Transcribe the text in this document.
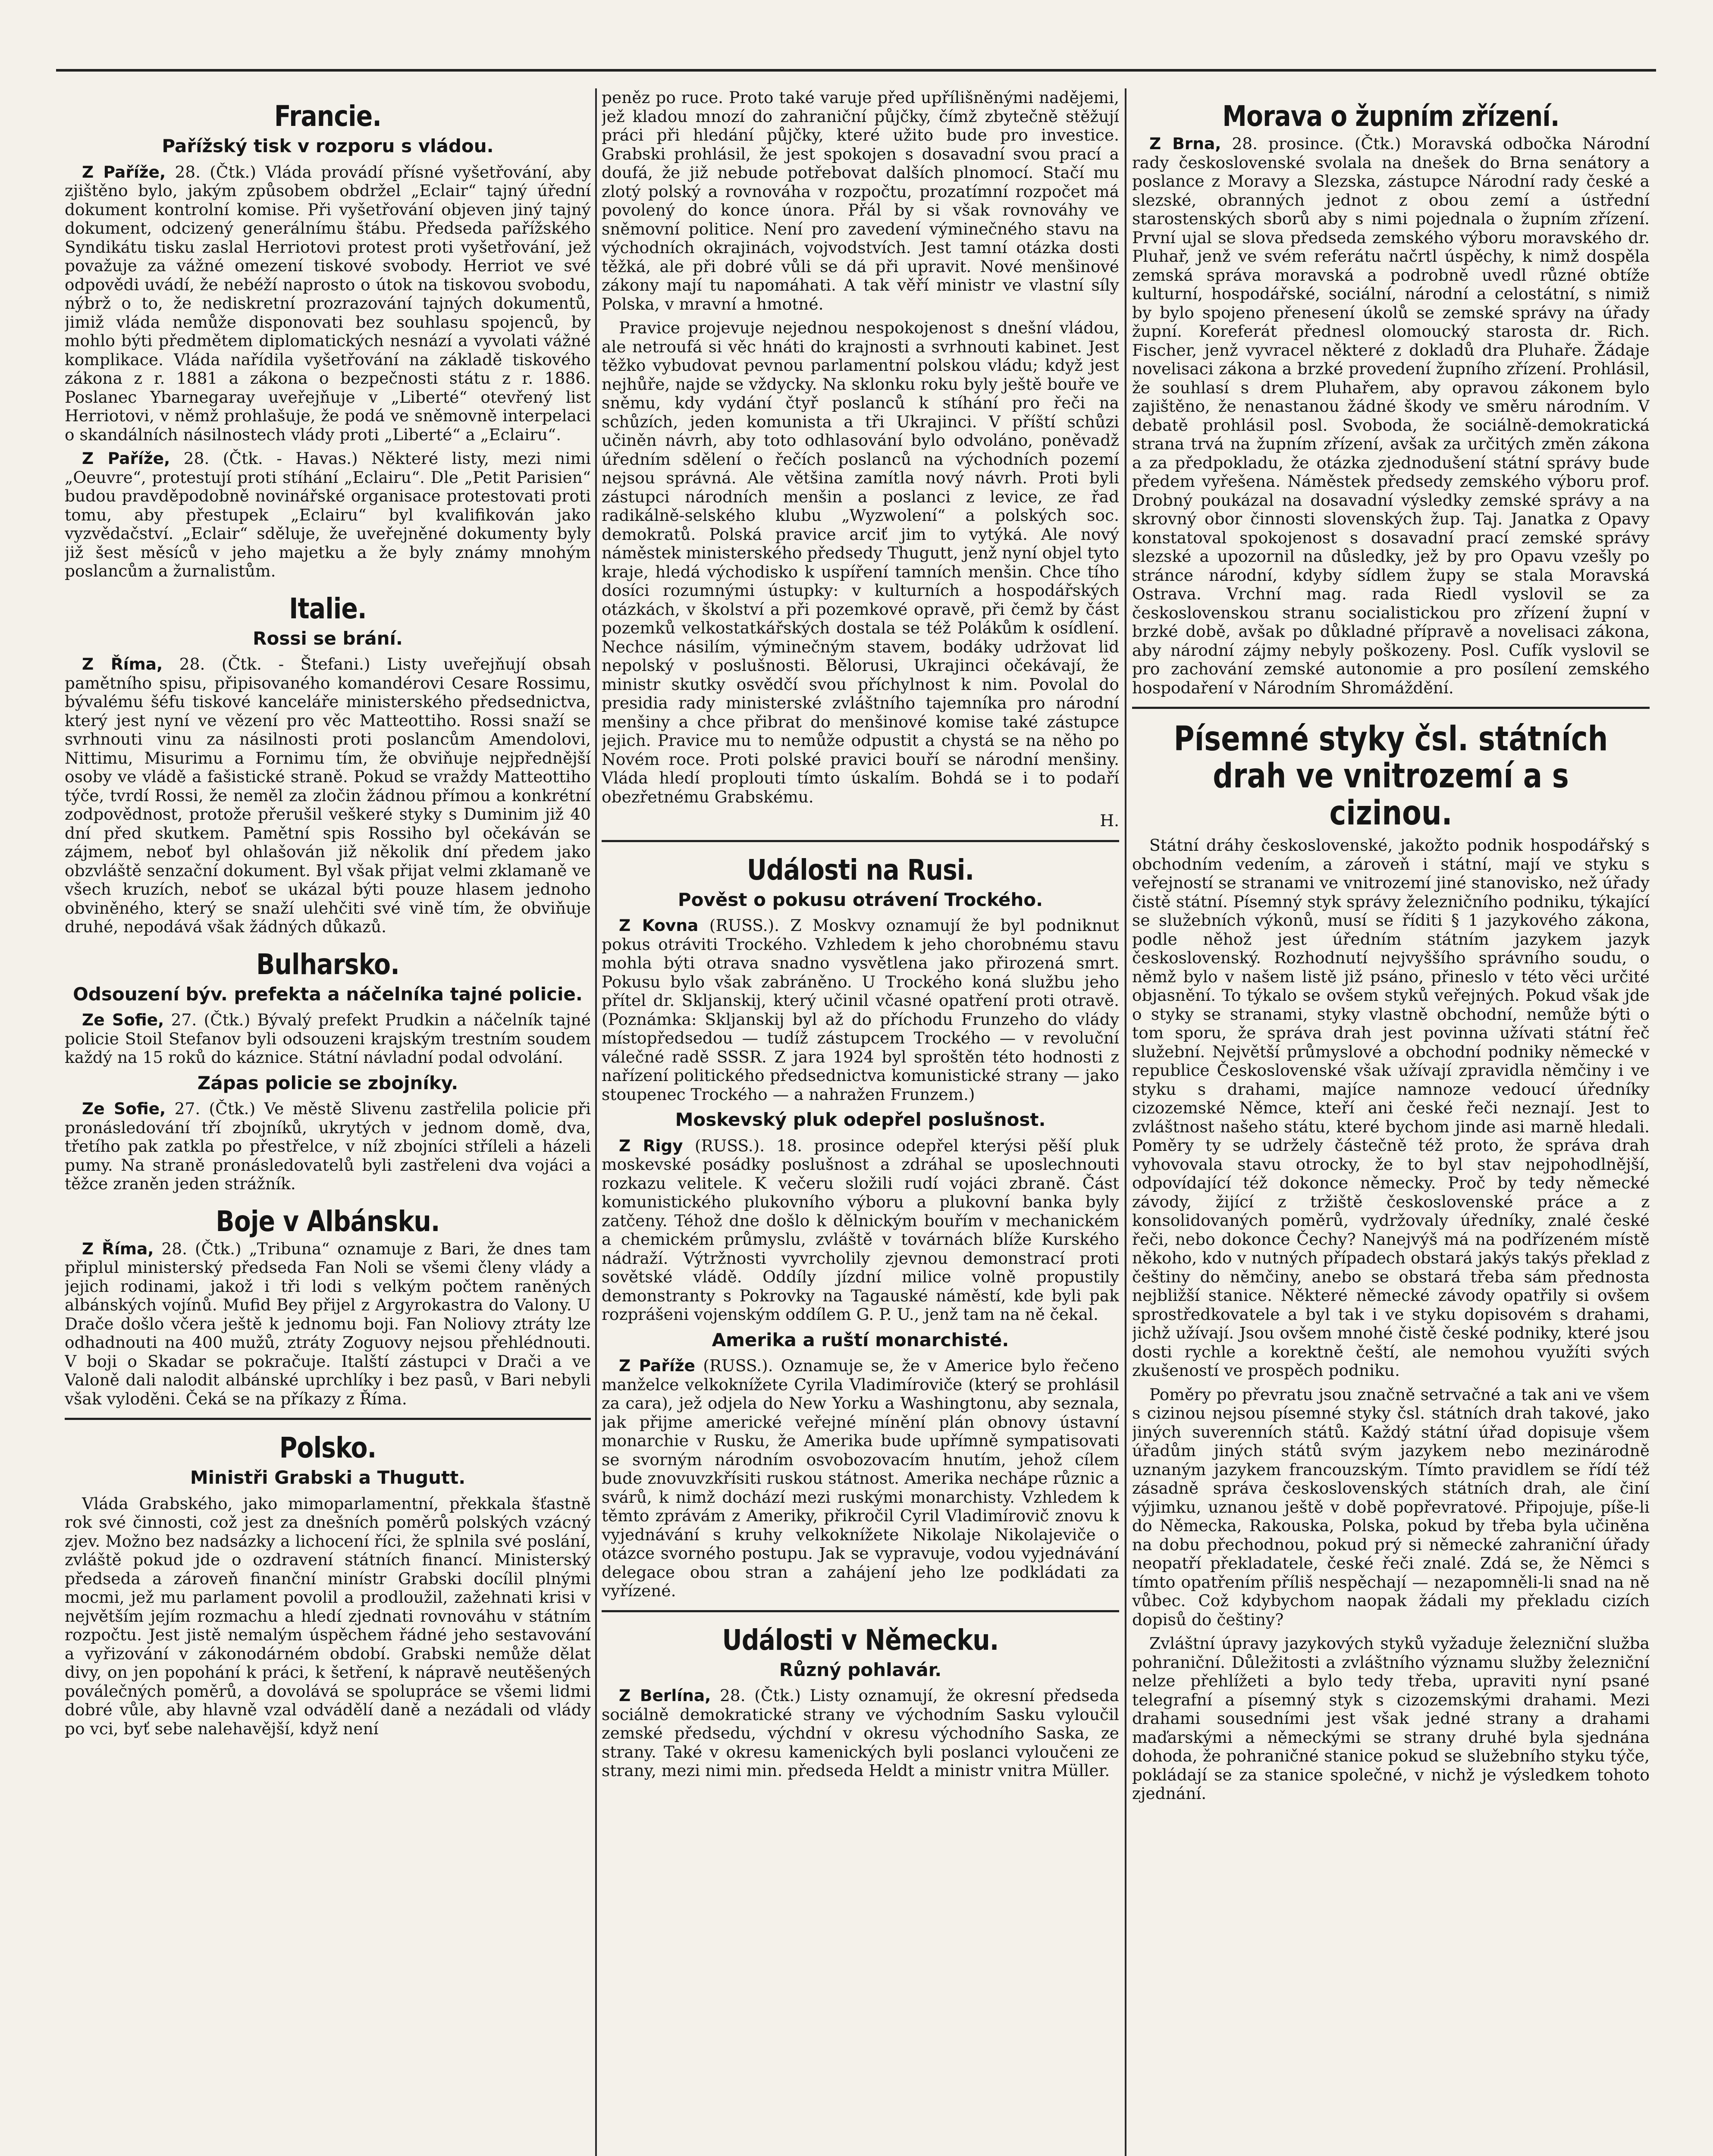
Francie.
Pařížský tisk v rozporu s vládou.

Z Paříže, 28. (Čtk.) Vláda provádí přísné vyšetřování, aby zjištěno bylo, jakým způsobem obdržel „Eclair“ tajný úřední dokument kontrolní komise. Při vyšetřování objeven jiný tajný dokument, odcizený generálnímu štábu. Předseda pařížského Syndikátu tisku zaslal Herriotovi protest proti vyšetřování, jež považuje za vážné omezení tiskové svobody. Herriot ve své odpovědi uvádí, že nebéží naprosto o útok na tiskovou svobodu, nýbrž o to, že nediskretní prozrazování tajných dokumentů, jimiž vláda nemůže disponovati bez souhlasu spojenců, by mohlo býti předmětem diplomatických nesnází a vyvolati vážné komplikace. Vláda nařídila vyšetřování na základě tiskového zákona z r. 1881 a zákona o bezpečnosti státu z r. 1886. Poslanec Ybarnegaray uveřejňuje v „Liberté“ otevřený list Herriotovi, v němž prohlašuje, že podá ve sněmovně interpelaci o skandálních násilnostech vlády proti „Liberté“ a „Eclairu“.

Z Paříže, 28. (Čtk. - Havas.) Některé listy, mezi nimi „Oeuvre“, protestují proti stíhání „Eclairu“. Dle „Petit Parisien“ budou pravděpodobně novinářské organisace protestovati proti tomu, aby přestupek „Eclairu“ byl kvalifikován jako vyzvědačství. „Eclair“ sděluje, že uveřejněné dokumenty byly již šest měsíců v jeho majetku a že byly známy mnohým poslancům a žurnalistům.

Italie.
Rossi se brání.

Z Říma, 28. (Čtk. - Štefani.) Listy uveřejňují obsah pamětního spisu, připisovaného komandérovi Cesare Rossimu, bývalému šéfu tiskové kanceláře ministerského předsednictva, který jest nyní ve vězení pro věc Matteottiho. Rossi snaží se svrhnouti vinu za násilnosti proti poslancům Amendolovi, Nittimu, Misurimu a Fornimu tím, že obviňuje nejpřednější osoby ve vládě a fašistické straně. Pokud se vraždy Matteottiho týče, tvrdí Rossi, že neměl za zločin žádnou přímou a konkrétní zodpovědnost, protože přerušil veškeré styky s Duminim již 40 dní před skutkem. Pamětní spis Rossiho byl očekáván se zájmem, neboť byl ohlašován již několik dní předem jako obzvláště senzační dokument. Byl však přijat velmi zklamaně ve všech kruzích, neboť se ukázal býti pouze hlasem jednoho obviněného, který se snaží ulehčiti své vině tím, že obviňuje druhé, nepodává však žádných důkazů.

Bulharsko.
Odsouzení býv. prefekta a náčelníka tajné policie.

Ze Sofie, 27. (Čtk.) Bývalý prefekt Prudkin a náčelník tajné policie Stoil Stefanov byli odsouzeni krajským trestním soudem každý na 15 roků do káznice. Státní návladní podal odvolání.

Zápas policie se zbojníky.

Ze Sofie, 27. (Čtk.) Ve městě Slivenu zastřelila policie při pronásledování tří zbojníků, ukrytých v jednom domě, dva, třetího pak zatkla po přestřelce, v níž zbojníci stříleli a házeli pumy. Na straně pronásledovatelů byli zastřeleni dva vojáci a těžce zraněn jeden strážník.

Boje v Albánsku.

Z Říma, 28. (Čtk.) „Tribuna“ oznamuje z Bari, že dnes tam připlul ministerský předseda Fan Noli se všemi členy vlády a jejich rodinami, jakož i tři lodi s velkým počtem raněných albánských vojínů. Mufid Bey přijel z Argyrokastra do Valony. U Drače došlo včera ještě k jednomu boji. Fan Noliovy ztráty lze odhadnouti na 400 mužů, ztráty Zoguovy nejsou přehlédnouti. V boji o Skadar se pokračuje. Italští zástupci v Drači a ve Valoně dali nalodit albánské uprchlíky i bez pasů, v Bari nebyli však vyloděni. Čeká se na příkazy z Říma.

Polsko.
Ministři Grabski a Thugutt.

Vláda Grabského, jako mimoparlamentní, překkala šťastně rok své činnosti, což jest za dnešních poměrů polských vzácný zjev. Možno bez nadsázky a lichocení říci, že splnila své poslání, zvláště pokud jde o ozdravení státních financí. Ministerský předseda a zároveň finanční minístr Grabski docílil plnými mocmi, jež mu parlament povolil a prodloužil, zažehnati krisi v největším jejím rozmachu a hledí zjednati rovnováhu v státním rozpočtu. Jest jistě nemalým úspěchem řádné jeho sestavování a vyřizování v zákonodárném období. Grabski nemůže dělat divy, on jen popohání k práci, k šetření, k nápravě neutěšených poválečných poměrů, a dovolává se spolupráce se všemi lidmi dobré vůle, aby hlavně vzal odvádělí daně a nezádali od vlády po vci, byť sebe nalehavější, když není

peněz po ruce. Proto také varuje před upřílišněnými nadějemi, jež kladou mnozí do zahraniční půjčky, čímž zbytečně stěžují práci při hledání půjčky, které užito bude pro investice. Grabski prohlásil, že jest spokojen s dosavadní svou prací a doufá, že již nebude potřebovat dalších plnomocí. Stačí mu zlotý polský a rovnováha v rozpočtu, prozatímní rozpočet má povolený do konce února. Přál by si však rovnováhy ve sněmovní politice. Není pro zavedení výminečného stavu na východních okrajinách, vojvodstvích. Jest tamní otázka dosti těžká, ale při dobré vůli se dá při upravit. Nové menšinové zákony mají tu napomáhati. A tak věří ministr ve vlastní síly Polska, v mravní a hmotné.

Pravice projevuje nejednou nespokojenost s dnešní vládou, ale netroufá si věc hnáti do krajnosti a svrhnouti kabinet. Jest těžko vybudovat pevnou parlamentní polskou vládu; když jest nejhůře, najde se vždycky. Na sklonku roku byly ještě bouře ve sněmu, kdy vydání čtyř poslanců k stíhání pro řeči na schůzích, jeden komunista a tři Ukrajinci. V příští schůzi učiněn návrh, aby toto odhlasování bylo odvoláno, poněvadž úředním sdělení o řečích poslanců na východních pozemí nejsou správná. Ale většina zamítla nový návrh. Proti byli zástupci národních menšin a poslanci z levice, ze řad radikálně-selského klubu „Wyzwolení“ a polských soc. demokratů. Polská pravice arciť jim to vytýká. Ale nový náměstek ministerského předsedy Thugutt, jenž nyní objel tyto kraje, hledá východisko k uspíření tamních menšin. Chce tího dosíci rozumnými ústupky: v kulturních a hospodářských otázkách, v školství a při pozemkové opravě, při čemž by část pozemků velkostatkářských dostala se též Polákům k osídlení. Nechce násilím, výminečným stavem, bodáky udržovat lid nepolský v poslušnosti. Bělorusi, Ukrajinci očekávají, že ministr skutky osvědčí svou příchylnost k nim. Povolal do presidia rady ministerské zvláštního tajemníka pro národní menšiny a chce přibrat do menšinové komise také zástupce jejich. Pravice mu to nemůže odpustit a chystá se na něho po Novém roce. Proti polské pravici bouří se národní menšiny. Vláda hledí proplouti tímto úskalím. Bohdá se i to podaří obezřetnému Grabskému.

H.

Události na Rusi.
Pověst o pokusu otrávení Trockého.

Z Kovna (RUSS.). Z Moskvy oznamují že byl podniknut pokus otráviti Trockého. Vzhledem k jeho chorobnému stavu mohla býti otrava snadno vysvětlena jako přirozená smrt. Pokusu bylo však zabráněno. U Trockého koná službu jeho přítel dr. Skljanskij, který učinil včasné opatření proti otravě. (Poznámka: Skljanskij byl až do příchodu Frunzeho do vlády místopředsedou — tudíž zástupcem Trockého — v revoluční válečné radě SSSR. Z jara 1924 byl sproštěn této hodnosti z nařízení politického předsednictva komunistické strany — jako stoupenec Trockého — a nahražen Frunzem.)

Moskevský pluk odepřel poslušnost.

Z Rigy (RUSS.). 18. prosince odepřel kterýsi pěší pluk moskevské posádky poslušnost a zdráhal se uposlechnouti rozkazu velitele. K večeru složili rudí vojáci zbraně. Část komunistického plukovního výboru a plukovní banka byly zatčeny. Téhož dne došlo k dělnickým bouřím v mechanickém a chemickém průmyslu, zvláště v továrnách blíže Kurského nádraží. Výtržnosti vyvrcholily zjevnou demonstrací proti sovětské vládě. Oddíly jízdní milice volně propustily demonstranty s Pokrovky na Tagauské náměstí, kde byli pak rozprášeni vojenským oddílem G. P. U., jenž tam na ně čekal.

Amerika a ruští monarchisté.

Z Paříže (RUSS.). Oznamuje se, že v Americe bylo řečeno manželce velkoknížete Cyrila Vladimíroviče (který se prohlásil za cara), jež odjela do New Yorku a Washingtonu, aby seznala, jak přijme americké veřejné mínění plán obnovy ústavní monarchie v Rusku, že Amerika bude upřímně sympatisovati se svorným národním osvobozovacím hnutím, jehož cílem bude znovuvzkřísiti ruskou státnost. Amerika nechápe různic a svárů, k nimž dochází mezi ruskými monarchisty. Vzhledem k těmto zprávám z Ameriky, přikročil Cyril Vladimírovič znovu k vyjednávání s kruhy velkoknížete Nikolaje Nikolajeviče o otázce svorného postupu. Jak se vypravuje, vodou vyjednávání delegace obou stran a zahájení jeho lze podkládati za vyřízené.

Události v Německu.
Různý pohlavár.

Z Berlína, 28. (Čtk.) Listy oznamují, že okresní předseda sociálně demokratické strany ve východním Sasku vyloučil zemské předsedu, výchdní v okresu východního Saska, ze strany. Také v okresu kamenických byli poslanci vyloučeni ze strany, mezi nimi min. předseda Heldt a ministr vnitra Müller.

Morava o župním zřízení.

Z Brna, 28. prosince. (Čtk.) Moravská odbočka Národní rady československé svolala na dnešek do Brna senátory a poslance z Moravy a Slezska, zástupce Národní rady české a slezské, obranných jednot z obou zemí a ústřední starostenských sborů aby s nimi pojednala o župním zřízení. První ujal se slova předseda zemského výboru moravského dr. Pluhař, jenž ve svém referátu načrtl úspěchy, k nimž dospěla zemská správa moravská a podrobně uvedl různé obtíže kulturní, hospodářské, sociální, národní a celostátní, s nimiž by bylo spojeno přenesení úkolů se zemské správy na úřady župní. Koreferát přednesl olomoucký starosta dr. Rich. Fischer, jenž vyvracel některé z dokladů dra Pluhaře. Žádaje novelisaci zákona a brzké provedení župního zřízení. Prohlásil, že souhlasí s drem Pluhařem, aby opravou zákonem bylo zajištěno, že nenastanou žádné škody ve směru národním. V debatě prohlásil posl. Svoboda, že sociálně-demokratická strana trvá na župním zřízení, avšak za určitých změn zákona a za předpokladu, že otázka zjednodušení státní správy bude předem vyřešena. Náměstek předsedy zemského výboru prof. Drobný poukázal na dosavadní výsledky zemské správy a na skrovný obor činnosti slovenských žup. Taj. Janatka z Opavy konstatoval spokojenost s dosavadní prací zemské správy slezské a upozornil na důsledky, jež by pro Opavu vzešly po stránce národní, kdyby sídlem župy se stala Moravská Ostrava. Vrchní mag. rada Riedl vyslovil se za československou stranu socialistickou pro zřízení župní v brzké době, avšak po důkladné přípravě a novelisaci zákona, aby národní zájmy nebyly poškozeny. Posl. Cufík vyslovil se pro zachování zemské autonomie a pro posílení zemského hospodaření v Národním Shromáždění.

Písemné styky čsl. státních drah ve vnitrozemí a s cizinou.

Státní dráhy československé, jakožto podnik hospodářský s obchodním vedením, a zároveň i státní, mají ve styku s veřejností se stranami ve vnitrozemí jiné stanovisko, než úřady čistě státní. Písemný styk správy železničního podniku, týkající se služebních výkonů, musí se říditi § 1 jazykového zákona, podle něhož jest úředním státním jazykem jazyk československý. Rozhodnutí nejvyššího správního soudu, o němž bylo v našem listě již psáno, přineslo v této věci určité objasnění. To týkalo se ovšem styků veřejných. Pokud však jde o styky se stranami, styky vlastně obchodní, nemůže býti o tom sporu, že správa drah jest povinna užívati státní řeč služební. Největší průmyslové a obchodní podniky německé v republice Československé však užívají zpravidla němčiny i ve styku s drahami, majíce namnoze vedoucí úředníky cizozemské Němce, kteří ani české řeči neznají. Jest to zvláštnost našeho státu, které bychom jinde asi marně hledali. Poměry ty se udržely částečně též proto, že správa drah vyhovovala stavu otrocky, že to byl stav nejpohodlnější, odpovídající též dokonce německy. Proč by tedy německé závody, žijící z tržiště československé práce a z konsolidovaných poměrů, vydržovaly úředníky, znalé české řeči, nebo dokonce Čechy? Nanejvýš má na podřízeném místě někoho, kdo v nutných případech obstará jakýs takýs překlad z češtiny do němčiny, anebo se obstará třeba sám přednosta nejbližší stanice. Některé německé závody opatřily si ovšem sprostředkovatele a byl tak i ve styku dopisovém s drahami, jichž užívají. Jsou ovšem mnohé čistě české podniky, které jsou dosti rychle a korektně čeští, ale nemohou využíti svých zkušeností ve prospěch podniku.

Poměry po převratu jsou značně setrvačné a tak ani ve všem s cizinou nejsou písemné styky čsl. státních drah takové, jako jiných suverenních států. Každý státní úřad dopisuje všem úřadům jiných států svým jazykem nebo mezinárodně uznaným jazykem francouzským. Tímto pravidlem se řídí též zásadně správa československých státních drah, ale činí výjimku, uznanou ještě v době popřevratové. Připojuje, píše-li do Německa, Rakouska, Polska, pokud by třeba byla učiněna na dobu přechodnou, pokud prý si německé zahraniční úřady neopatří překladatele, české řeči znalé. Zdá se, že Němci s tímto opatřením příliš nespěchají — nezapomněli-li snad na ně vůbec. Což kdybychom naopak žádali my překladu cizích dopisů do češtiny?

Zvláštní úpravy jazykových styků vyžaduje železniční služba pohraniční. Důležitosti a zvláštního významu služby železniční nelze přehlížeti a bylo tedy třeba, upraviti nyní psané telegrafní a písemný styk s cizozemskými drahami. Mezi drahami sousedními jest však jedné strany a drahami maďarskými a německými se strany druhé byla sjednána dohoda, že pohraničné stanice pokud se služebního styku týče, pokládají se za stanice společné, v nichž je výsledkem tohoto zjednání.
